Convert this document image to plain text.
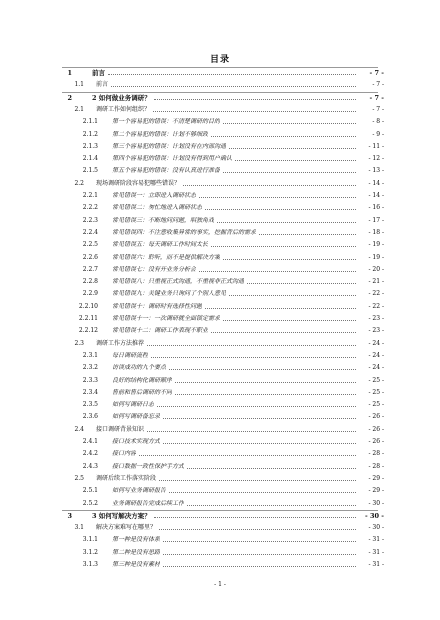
目录
1	前言	- 7 -
1.1 前言	- 7 -
2	2 如何做业务调研？	- 7 -
2.1 调研工作如何组织？	- 7 -
2.1.1 第一个容易犯的错误：不清楚调研的目的	- 8 -
2.1.2 第二个容易犯的错误：计划不够细致	- 9 -
2.1.3 第三个容易犯的错误：计划没有在内部沟通	- 11 -
2.1.4 第四个容易犯的错误：计划没有得到用户确认	- 12 -
2.1.5 第五个容易犯的错误：没有认真进行准备	- 13 -
2.2 现场调研阶段容易犯哪些错误？	- 14 -
2.2.1 常见错误一：立即进入调研状态	- 14 -
2.2.2 常见错误二：匆忙地进入调研状态	- 16 -
2.2.3 常见错误三：不断地问问题，唱独角戏	- 17 -
2.2.4 常见错误四：不注意收集异常的事实，挖掘背后的需求	- 18 -
2.2.5 常见错误五：每天调研工作时间太长	- 19 -
2.2.6 常见错误六：聆听，而不是提供解决方案	- 19 -
2.2.7 常见错误七：没有开业务分析会	- 20 -
2.2.8 常见错误八：只重视正式沟通，不重视非正式沟通	- 21 -
2.2.9 常见错误九：关键业务只询问了个别人意见	- 22 -
2.2.10 常见错误十：调研时有选择性问题	- 22 -
2.2.11 常见错误十一：一次调研就全面锁定需求	- 23 -
2.2.12 常见错误十二：调研工作表现不职业	- 23 -
2.3 调研工作方法推荐	- 24 -
2.3.1 每日调研流程	- 24 -
2.3.2 访谈成功的九个要点	- 24 -
2.3.3 良好的结构化调研顺序	- 25 -
2.3.4 售前和售后调研的不同	- 25 -
2.3.5 如何写调研日志	- 25 -
2.3.6 如何写调研备忘录	- 26 -
2.4 接口调研背景知识	- 26 -
2.4.1 接口技术实现方式	- 26 -
2.4.2 接口内容	- 28 -
2.4.3 接口数据一致性保护手方式	- 28 -
2.5 调研后续工作落实阶段	- 29 -
2.5.1 如何写业务调研报告	- 29 -
2.5.2 业务调研报告完成后续工作	- 30 -
3	3 如何写解决方案？	- 30 -
3.1 解决方案难写在哪里？	- 30 -
3.1.1 第一种是没有体系	- 31 -
3.1.2 第二种是没有思路	- 31 -
3.1.3 第三种是没有素材	- 31 -
- 1 -
